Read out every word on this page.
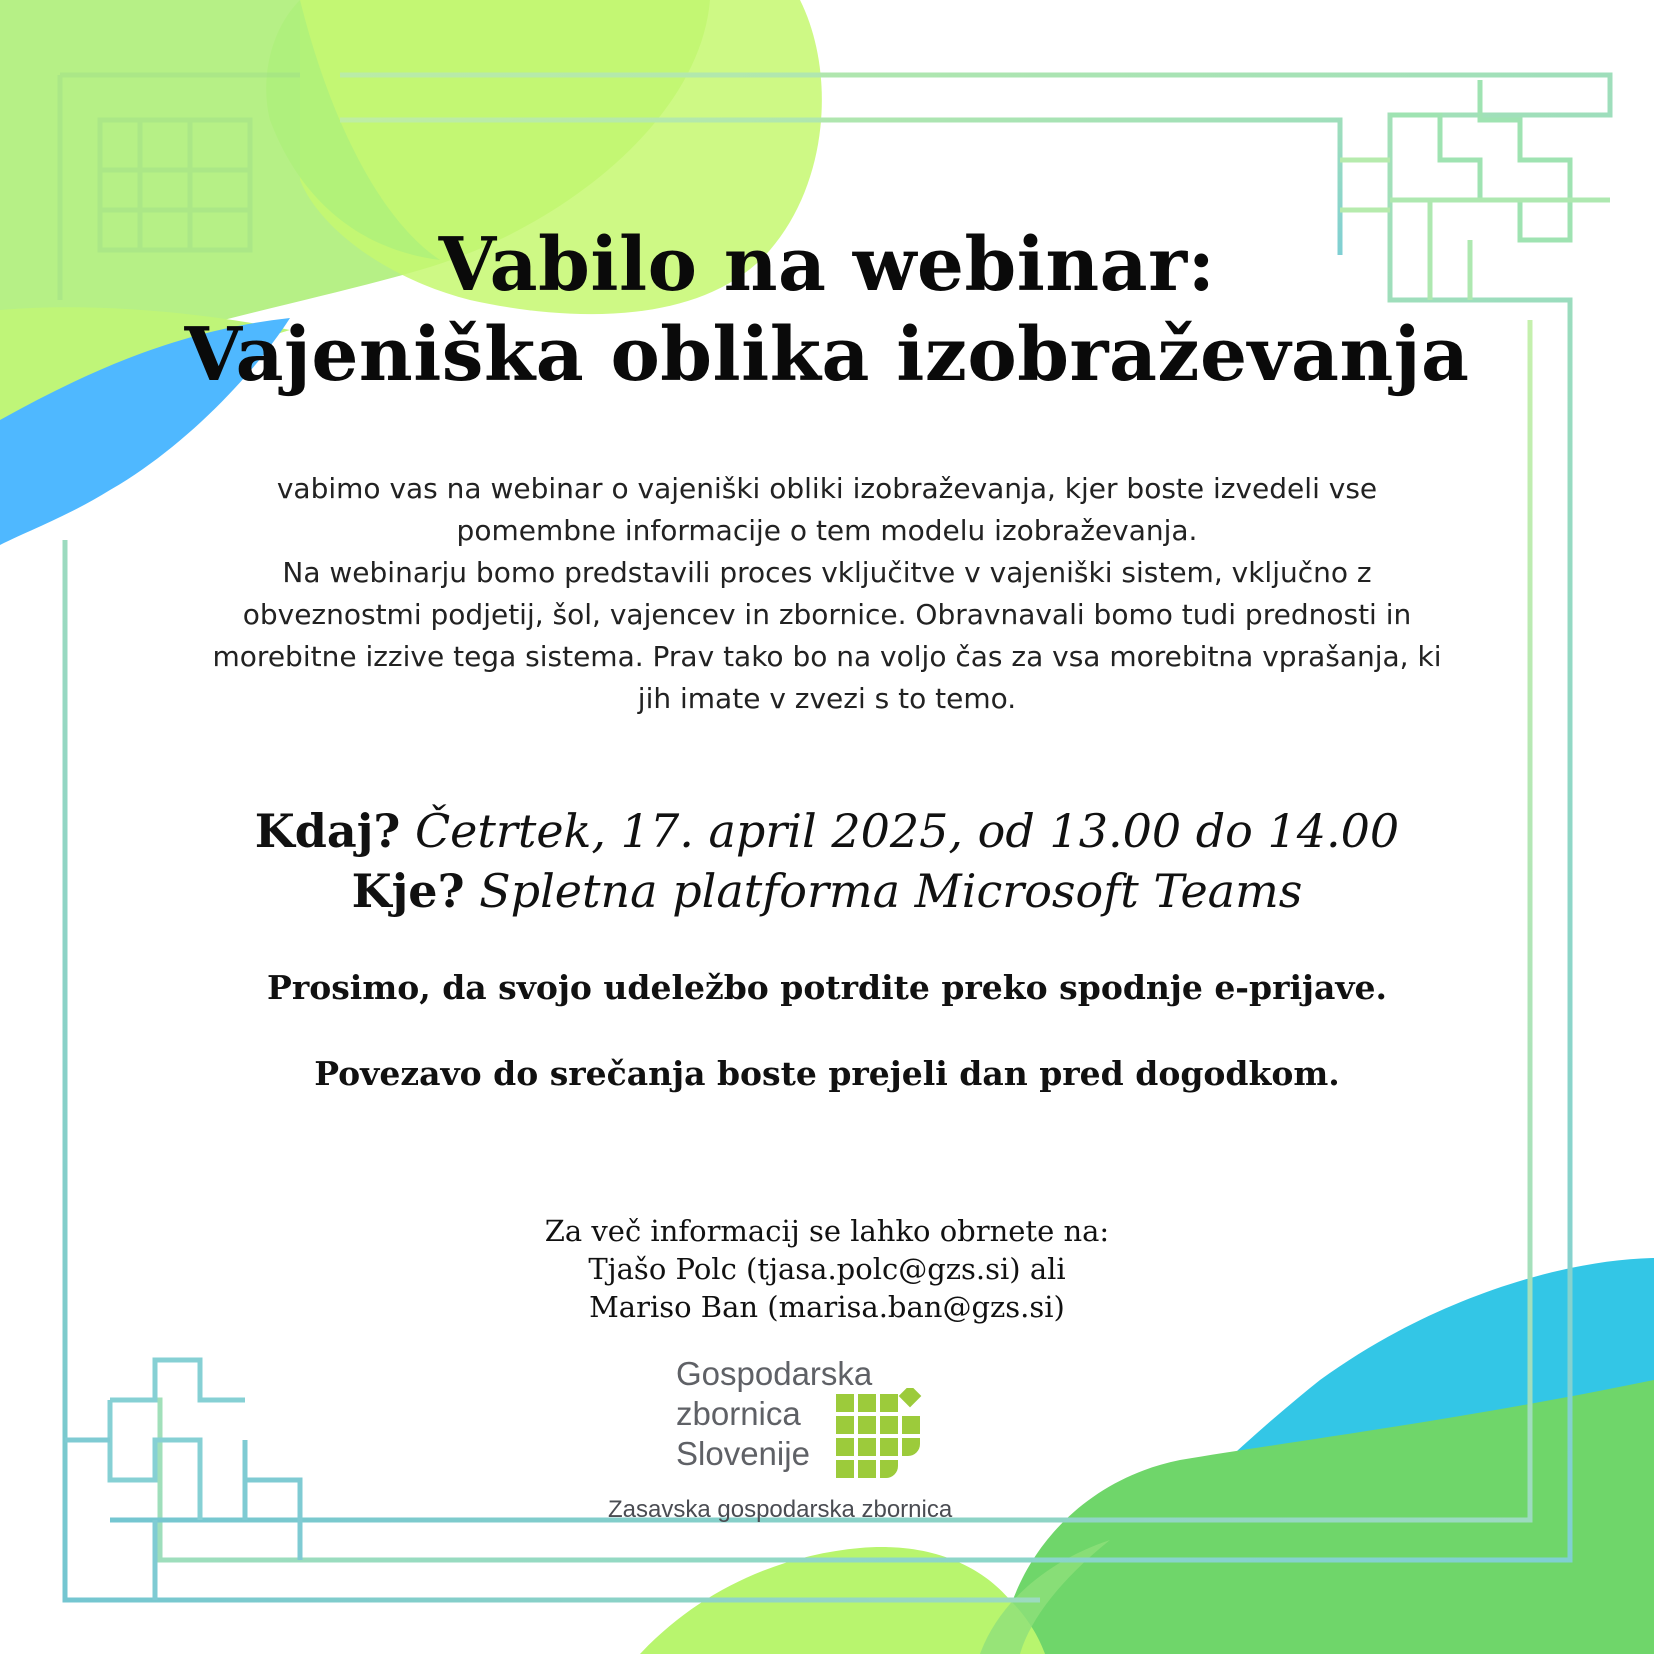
Vabilo na webinar:
Vajeniška oblika izobraževanja

vabimo vas na webinar o vajeniški obliki izobraževanja, kjer boste izvedeli vse pomembne informacije o tem modelu izobraževanja.

Na webinarju bomo predstavili proces vključitve v vajeniški sistem, vključno z obveznostmi podjetij, šol, vajencev in zbornice. Obravnavali bomo tudi prednosti in morebitne izzive tega sistema. Prav tako bo na voljo čas za vsa morebitna vprašanja, ki jih imate v zvezi s to temo.

Kdaj? Četrtek, 17. april 2025, od 13.00 do 14.00

Kje? Spletna platforma Microsoft Teams

Prosimo, da svojo udeležbo potrdite preko spodnje e-prijave.

Povezavo do srečanja boste prejeli dan pred dogodkom.

Za več informacij se lahko obrnete na:
Tjašo Polc (tjasa.polc@gzs.si) ali
Mariso Ban (marisa.ban@gzs.si)
Gospodarska
zbornica
Slovenije

Zasavska gospodarska zbornica
